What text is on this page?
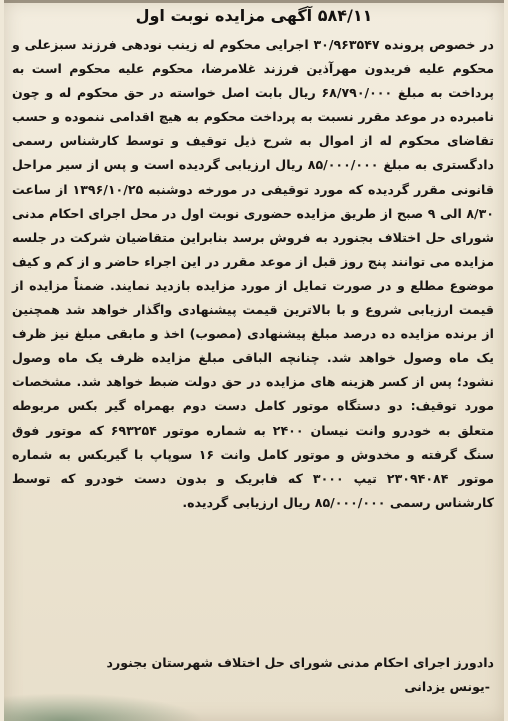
۵۸۴/۱۱ آگهی مزایده نوبت اول

در خصوص پرونده ۳۰/۹۶۳۵۴۷ اجرایی محکوم له زینب نودهی فرزند سبزعلی و محکوم علیه فریدون مهرآذین فرزند غلامرضا، محکوم علیه محکوم است به پرداخت به مبلغ ۶۸/۷۹۰/۰۰۰ ریال بابت اصل خواسته در حق محکوم له و چون نامبرده در موعد مقرر نسبت به پرداخت محکوم به هیچ اقدامی ننموده و حسب تقاضای محکوم له از اموال به شرح ذیل توقیف و توسط کارشناس رسمی دادگستری به مبلغ ۸۵/۰۰۰/۰۰۰ ریال ارزیابی گردیده است و پس از سیر مراحل قانونی مقرر گردیده که مورد توقیفی در مورخه دوشنبه ۱۳۹۶/۱۰/۲۵ از ساعت ۸/۳۰ الی ۹ صبح از طریق مزایده حضوری نوبت اول در محل اجرای احکام مدنی شورای حل اختلاف بجنورد به فروش برسد بنابراین متقاضیان شرکت در جلسه مزایده می توانند پنج روز قبل از موعد مقرر در این اجراء حاضر و از کم و کیف موضوع مطلع و در صورت تمایل از مورد مزایده بازدید نمایند. ضمناً مزایده از قیمت ارزیابی شروع و با بالاترین قیمت پیشنهادی واگذار خواهد شد همچنین از برنده مزایده ده درصد مبلغ پیشنهادی (مصوب) اخذ و مابقی مبلغ نیز ظرف یک ماه وصول خواهد شد. چنانچه الباقی مبلغ مزایده ظرف یک ماه وصول نشود؛ پس از کسر هزینه های مزایده در حق دولت ضبط خواهد شد. مشخصات مورد توقیف: دو دستگاه موتور کامل دست دوم بهمراه گیر بکس مربوطه متعلق به خودرو وانت نیسان ۲۴۰۰ به شماره موتور ۶۹۳۲۵۴ که موتور فوق سنگ گرفته و مخدوش و موتور کامل وانت ۱۶ سوپاپ با گیربکس به شماره موتور ۲۳۰۹۴۰۸۴ تیپ ۳۰۰۰ که فابریک و بدون دست خودرو که توسط کارشناس رسمی ۸۵/۰۰۰/۰۰۰ ریال ارزیابی گردیده.

دادورز اجرای احکام مدنی شورای حل اختلاف شهرستان بجنورد
-یونس یزدانی
